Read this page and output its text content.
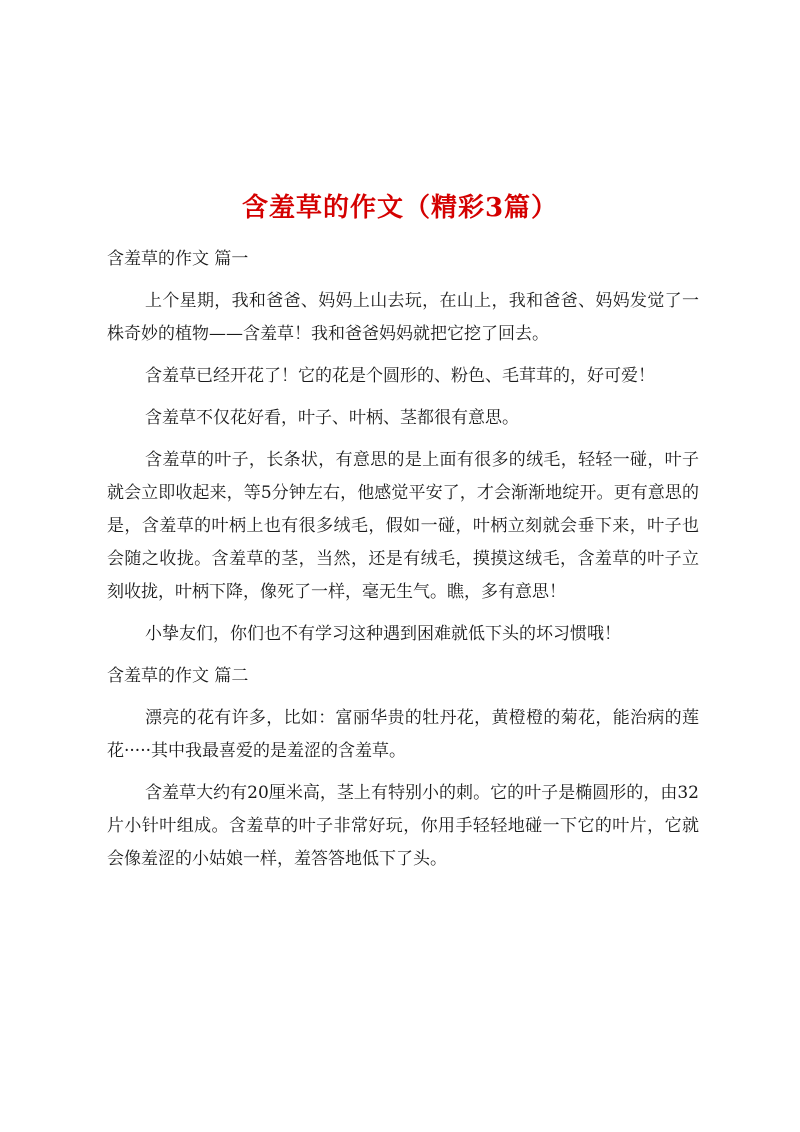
含羞草的作文（精彩3篇）

含羞草的作文 篇一

上个星期，我和爸爸、妈妈上山去玩，在山上，我和爸爸、妈妈发觉了一株奇妙的植物——含羞草！我和爸爸妈妈就把它挖了回去。

含羞草已经开花了！它的花是个圆形的、粉色、毛茸茸的，好可爱！

含羞草不仅花好看，叶子、叶柄、茎都很有意思。

含羞草的叶子，长条状，有意思的是上面有很多的绒毛，轻轻一碰，叶子就会立即收起来，等5分钟左右，他感觉平安了，才会渐渐地绽开。更有意思的是，含羞草的叶柄上也有很多绒毛，假如一碰，叶柄立刻就会垂下来，叶子也会随之收拢。含羞草的茎，当然，还是有绒毛，摸摸这绒毛，含羞草的叶子立刻收拢，叶柄下降，像死了一样，毫无生气。瞧，多有意思！

小挚友们，你们也不有学习这种遇到困难就低下头的坏习惯哦！

含羞草的作文 篇二

漂亮的花有许多，比如：富丽华贵的牡丹花，黄橙橙的菊花，能治病的莲花·····其中我最喜爱的是羞涩的含羞草。

含羞草大约有20厘米高，茎上有特别小的刺。它的叶子是椭圆形的，由32片小针叶组成。含羞草的叶子非常好玩，你用手轻轻地碰一下它的叶片，它就会像羞涩的小姑娘一样，羞答答地低下了头。
